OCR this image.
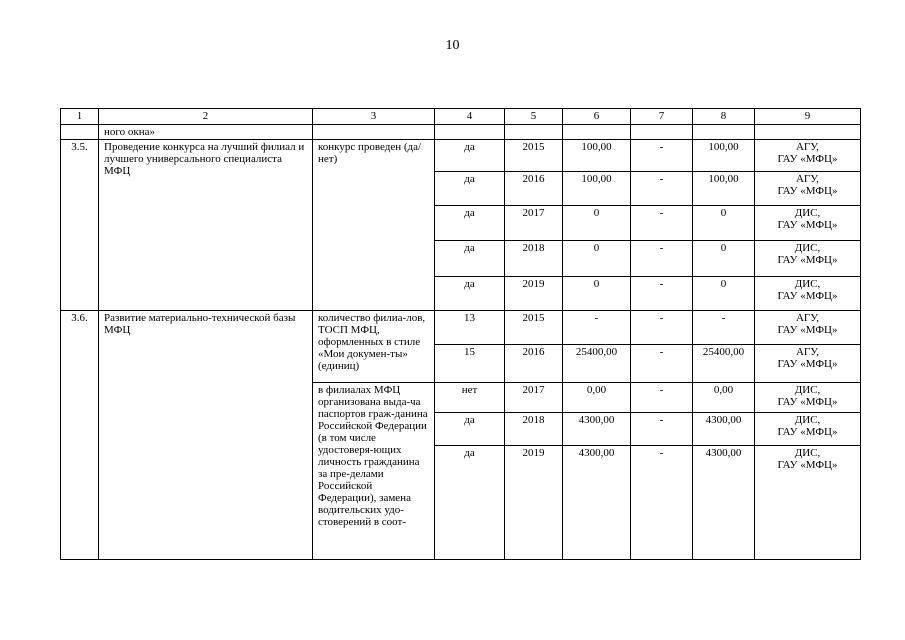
10
1	2	3	4	5	6	7	8	9
	ного окна»							
3.5.	Проведение конкурса на лучший филиал и лучшего универсального специалиста МФЦ	конкурс проведен (да/ нет)	да	2015	100,00	-	100,00	АГУ,
ГАУ «МФЦ»

			да	2016	100,00	-	100,00	АГУ,
ГАУ «МФЦ»

			да	2017	0	-	0	ДИС,
ГАУ «МФЦ»

			да	2018	0	-	0	ДИС,
ГАУ «МФЦ»

			да	2019	0	-	0	ДИС,
ГАУ «МФЦ»

3.6.	Развитие материально-технической базы МФЦ	количество филиа-лов, ТОСП МФЦ, оформленных в стиле «Мои докумен-ты» (единиц)	13	2015	-	-	-	АГУ,
ГАУ «МФЦ»

			15	2016	25400,00	-	25400,00	АГУ,
ГАУ «МФЦ»

		в филиалах МФЦ организована выда-ча паспортов граж-данина Российской Федерации (в том числе удостоверя-ющих личность гражданина за пре-делами Российской Федерации), замена водительских удо-стоверений в соот-	нет	2017	0,00	-	0,00	ДИС,
ГАУ «МФЦ»

			да	2018	4300,00	-	4300,00	ДИС,
ГАУ «МФЦ»

			да	2019	4300,00	-	4300,00	ДИС,
ГАУ «МФЦ»
